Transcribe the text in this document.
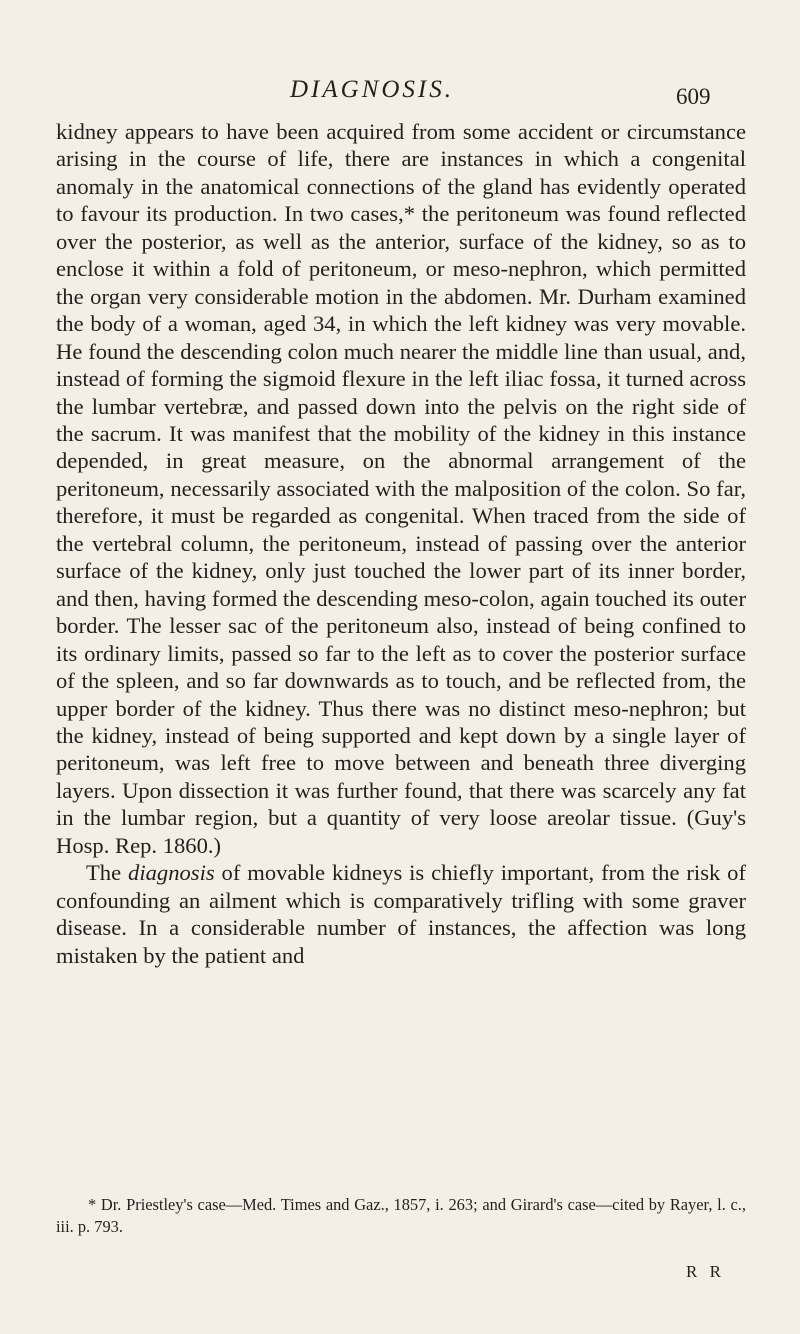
DIAGNOSIS.	609

kidney appears to have been acquired from some accident or circumstance arising in the course of life, there are instances in which a congenital anomaly in the anatomical connections of the gland has evidently operated to favour its production. In two cases,* the peritoneum was found reflected over the posterior, as well as the anterior, surface of the kidney, so as to enclose it within a fold of peritoneum, or meso-nephron, which permitted the organ very considerable motion in the abdomen. Mr. Durham examined the body of a woman, aged 34, in which the left kidney was very movable. He found the descending colon much nearer the middle line than usual, and, instead of forming the sigmoid flexure in the left iliac fossa, it turned across the lumbar vertebræ, and passed down into the pelvis on the right side of the sacrum. It was manifest that the mobility of the kidney in this instance depended, in great measure, on the abnormal arrangement of the peritoneum, necessarily associated with the malposition of the colon. So far, therefore, it must be regarded as congenital. When traced from the side of the vertebral column, the peritoneum, instead of passing over the anterior surface of the kidney, only just touched the lower part of its inner border, and then, having formed the descending meso-colon, again touched its outer border. The lesser sac of the peritoneum also, instead of being confined to its ordinary limits, passed so far to the left as to cover the posterior surface of the spleen, and so far downwards as to touch, and be reflected from, the upper border of the kidney. Thus there was no distinct meso-nephron; but the kidney, instead of being supported and kept down by a single layer of peritoneum, was left free to move between and beneath three diverging layers. Upon dissection it was further found, that there was scarcely any fat in the lumbar region, but a quantity of very loose areolar tissue. (Guy's Hosp. Rep. 1860.)

The diagnosis of movable kidneys is chiefly important, from the risk of confounding an ailment which is comparatively trifling with some graver disease. In a considerable number of instances, the affection was long mistaken by the patient and

* Dr. Priestley's case—Med. Times and Gaz., 1857, i. 263; and Girard's case—cited by Rayer, l. c., iii. p. 793.

R R
